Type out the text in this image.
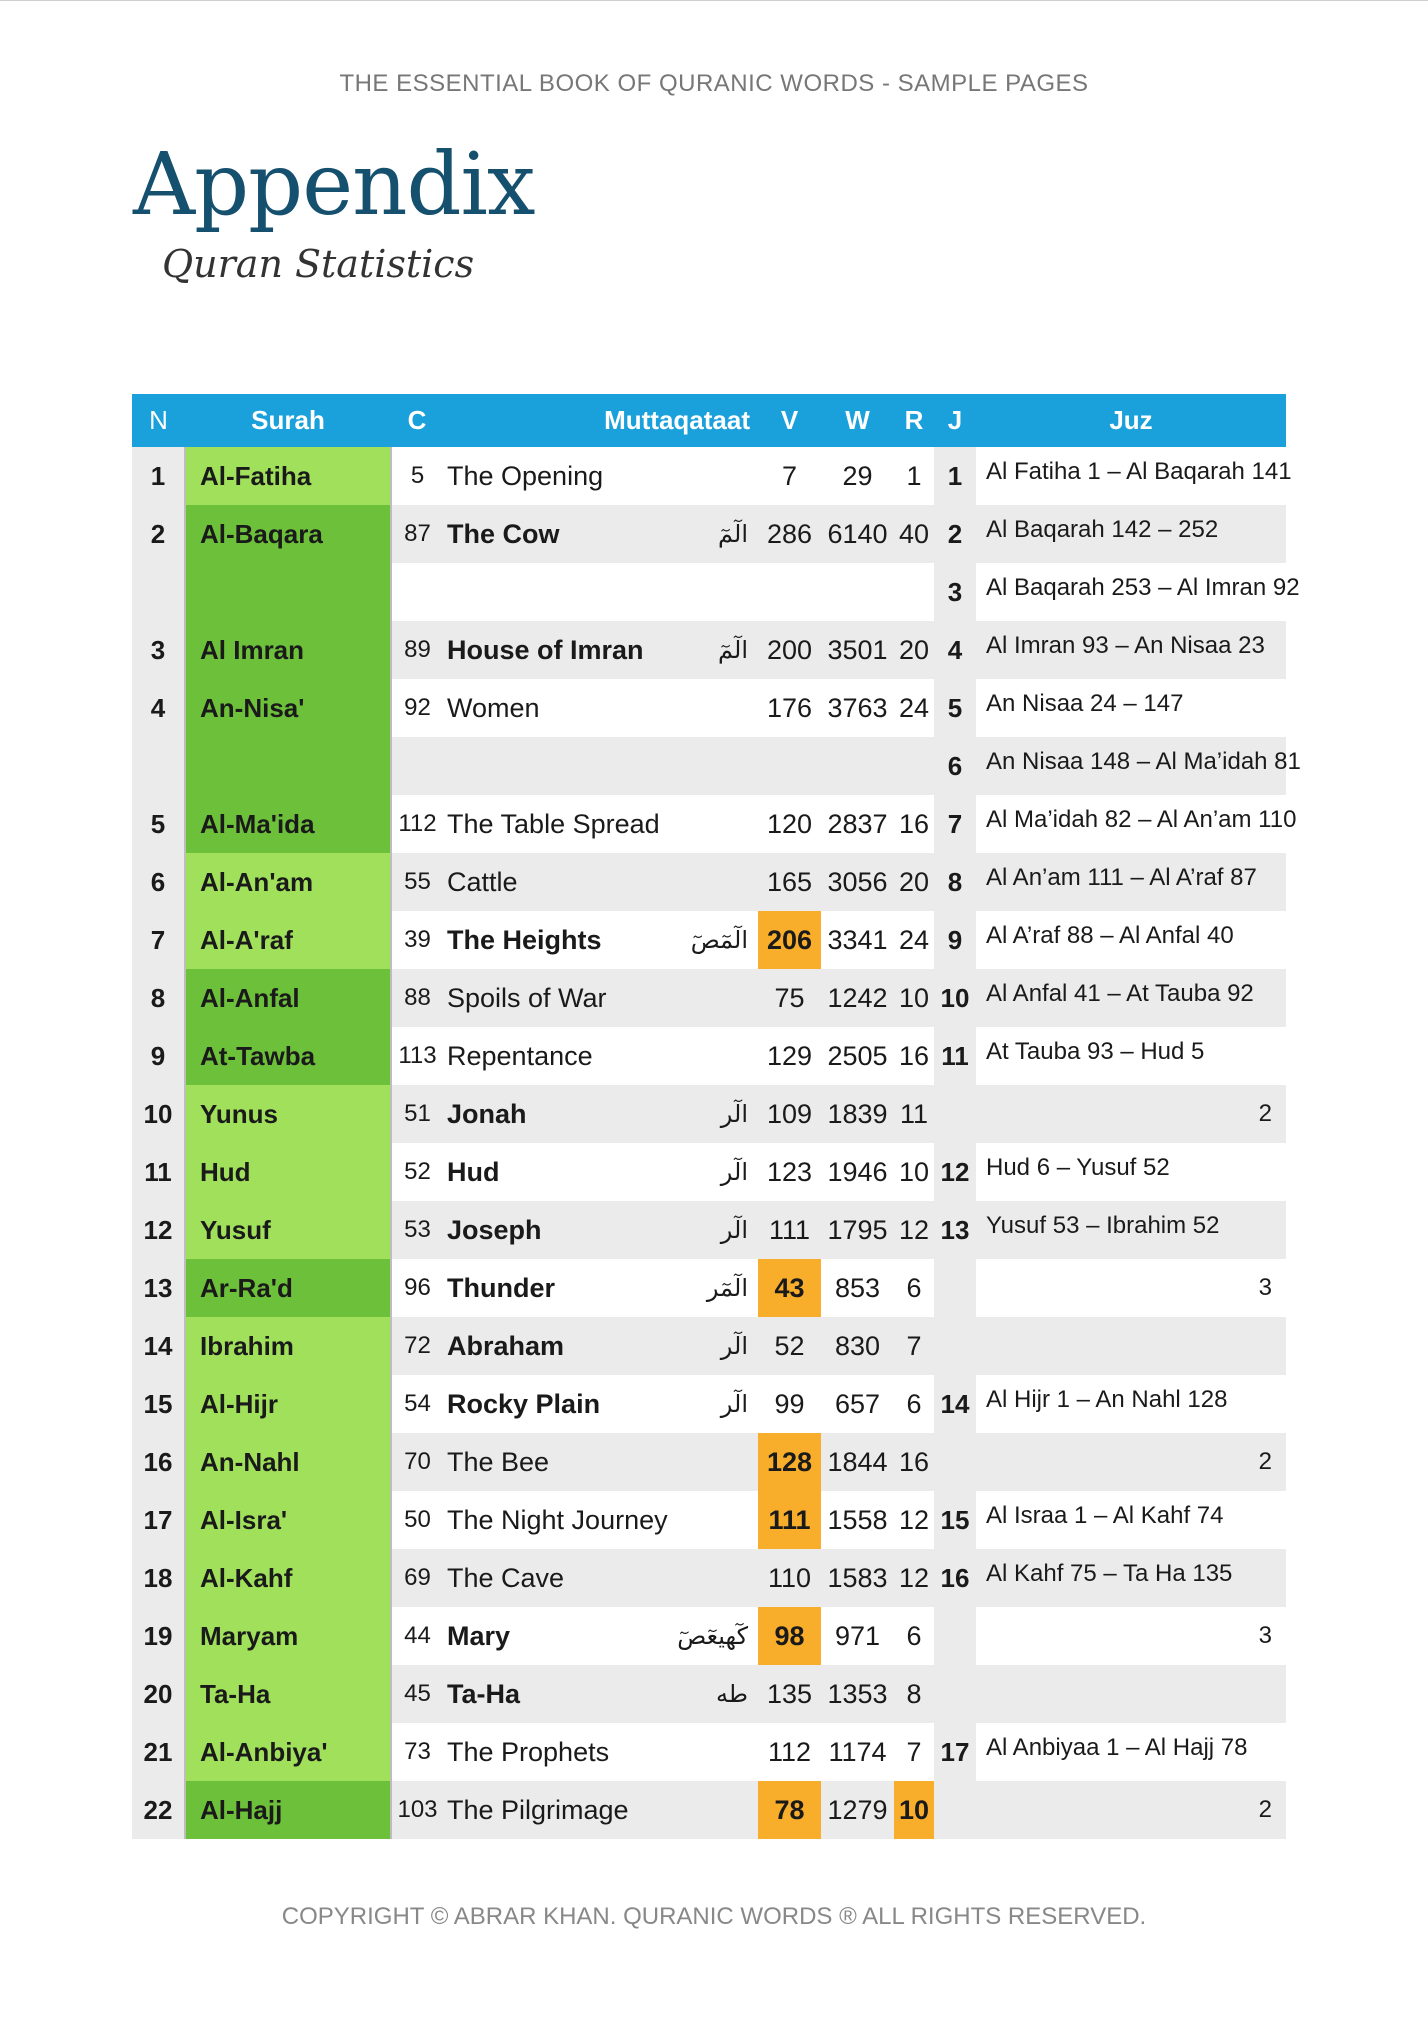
THE ESSENTIAL BOOK OF QURANIC WORDS - SAMPLE PAGES
Appendix
Quran Statistics
N	Surah	C	Muttaqataat		V	W	R	J	Juz
1	Al-Fatiha	5	The Opening		7	29	1	1	Al Fatiha 1 – Al Baqarah 141

2	Al-Baqara	87	The Cow	الٓمٓ	286	6140	40	2	Al Baqarah 142 – 252

								3	Al Baqarah 253 – Al Imran 92

3	Al Imran	89	House of Imran	الٓمٓ	200	3501	20	4	Al Imran 93 – An Nisaa 23

4	An-Nisa'	92	Women		176	3763	24	5	An Nisaa 24 – 147

								6	An Nisaa 148 – Al Ma’idah 81

5	Al-Ma'ida	112	The Table Spread		120	2837	16	7	Al Ma’idah 82 – Al An’am 110

6	Al-An'am	55	Cattle		165	3056	20	8	Al An’am 111 – Al A’raf 87

7	Al-A'raf	39	The Heights	الٓمٓصٓ	206	3341	24	9	Al A’raf 88 – Al Anfal 40

8	Al-Anfal	88	Spoils of War		75	1242	10	10	Al Anfal 41 – At Tauba 92

9	At-Tawba	113	Repentance		129	2505	16	11	At Tauba 93 – Hud 5

10	Yunus	51	Jonah	الٓر	109	1839	11		2

11	Hud	52	Hud	الٓر	123	1946	10	12	Hud 6 – Yusuf 52

12	Yusuf	53	Joseph	الٓر	111	1795	12	13	Yusuf 53 – Ibrahim 52

13	Ar-Ra'd	96	Thunder	الٓمٓر	43	853	6		3

14	Ibrahim	72	Abraham	الٓر	52	830	7		

15	Al-Hijr	54	Rocky Plain	الٓر	99	657	6	14	Al Hijr 1 – An Nahl 128

16	An-Nahl	70	The Bee		128	1844	16		2

17	Al-Isra'	50	The Night Journey		111	1558	12	15	Al Israa 1 – Al Kahf 74

18	Al-Kahf	69	The Cave		110	1583	12	16	Al Kahf 75 – Ta Ha 135

19	Maryam	44	Mary	كٓهيعٓصٓ	98	971	6		3

20	Ta-Ha	45	Ta-Ha	طه	135	1353	8		

21	Al-Anbiya'	73	The Prophets		112	1174	7	17	Al Anbiyaa 1 – Al Hajj 78

22	Al-Hajj	103	The Pilgrimage		78	1279	10		2
COPYRIGHT © ABRAR KHAN. QURANIC WORDS ® ALL RIGHTS RESERVED.
